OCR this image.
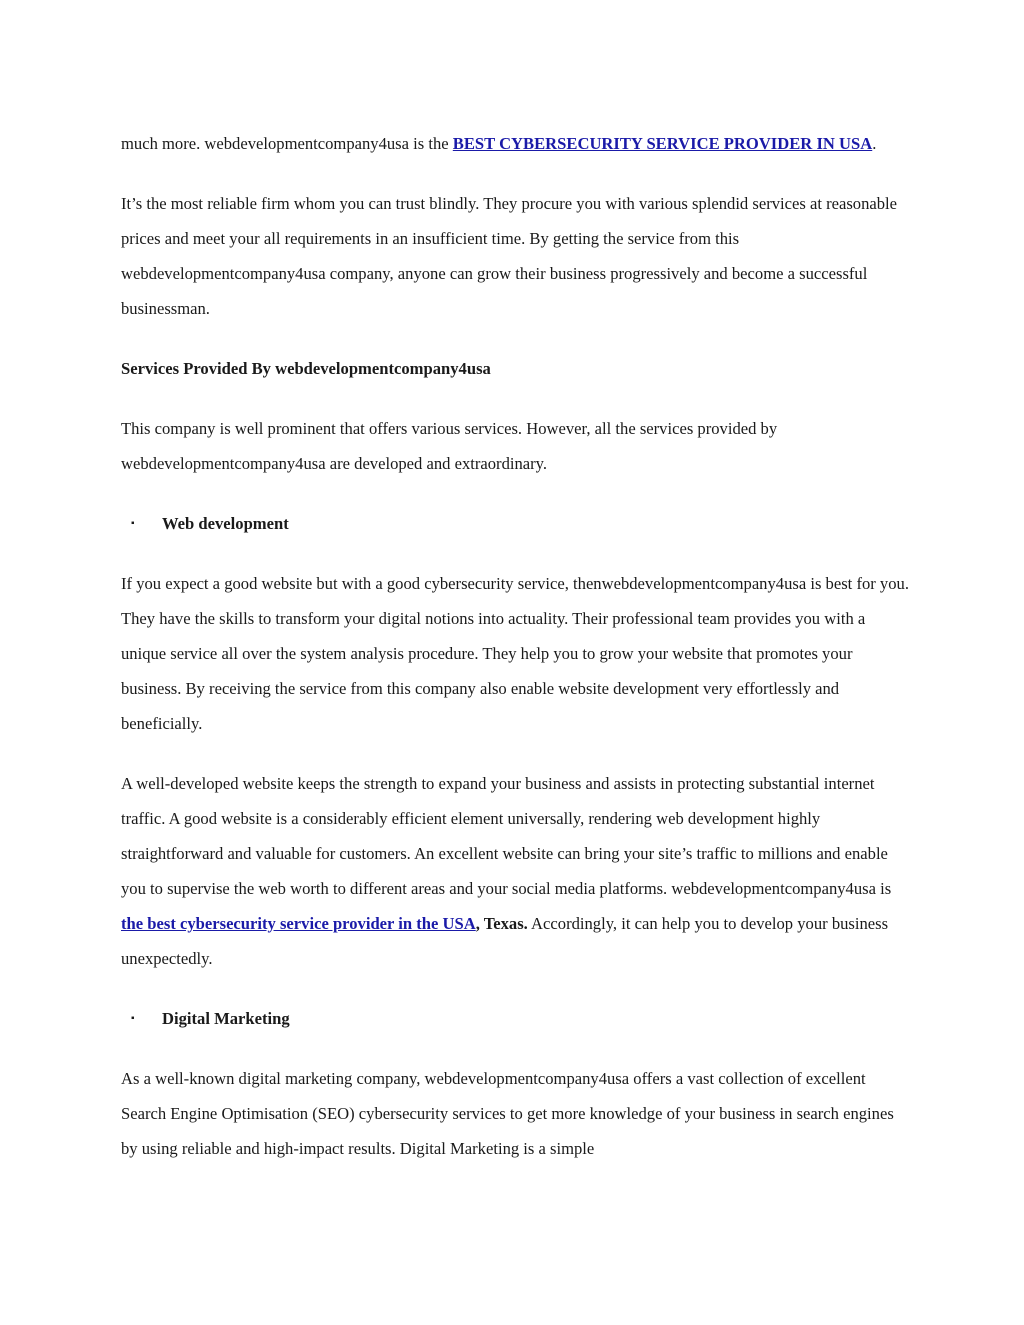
much more. webdevelopmentcompany4usa is the BEST CYBERSECURITY SERVICE PROVIDER IN USA.

It’s the most reliable firm whom you can trust blindly. They procure you with various splendid services at reasonable prices and meet your all requirements in an insufficient time. By getting the service from this webdevelopmentcompany4usa company, anyone can grow their business progressively and become a successful businessman.

Services Provided By webdevelopmentcompany4usa

This company is well prominent that offers various services. However, all the services provided by webdevelopmentcompany4usa are developed and extraordinary.

▪ Web development

If you expect a good website but with a good cybersecurity service, thenwebdevelopmentcompany4usa is best for you. They have the skills to transform your digital notions into actuality. Their professional team provides you with a unique service all over the system analysis procedure. They help you to grow your website that promotes your business. By receiving the service from this company also enable website development very effortlessly and beneficially.

A well-developed website keeps the strength to expand your business and assists in protecting substantial internet traffic. A good website is a considerably efficient element universally, rendering web development highly straightforward and valuable for customers. An excellent website can bring your site’s traffic to millions and enable you to supervise the web worth to different areas and your social media platforms. webdevelopmentcompany4usa is the best cybersecurity service provider in the USA, Texas. Accordingly, it can help you to develop your business unexpectedly.

▪ Digital Marketing

As a well-known digital marketing company, webdevelopmentcompany4usa offers a vast collection of excellent Search Engine Optimisation (SEO) cybersecurity services to get more knowledge of your business in search engines by using reliable and high-impact results. Digital Marketing is a simple
